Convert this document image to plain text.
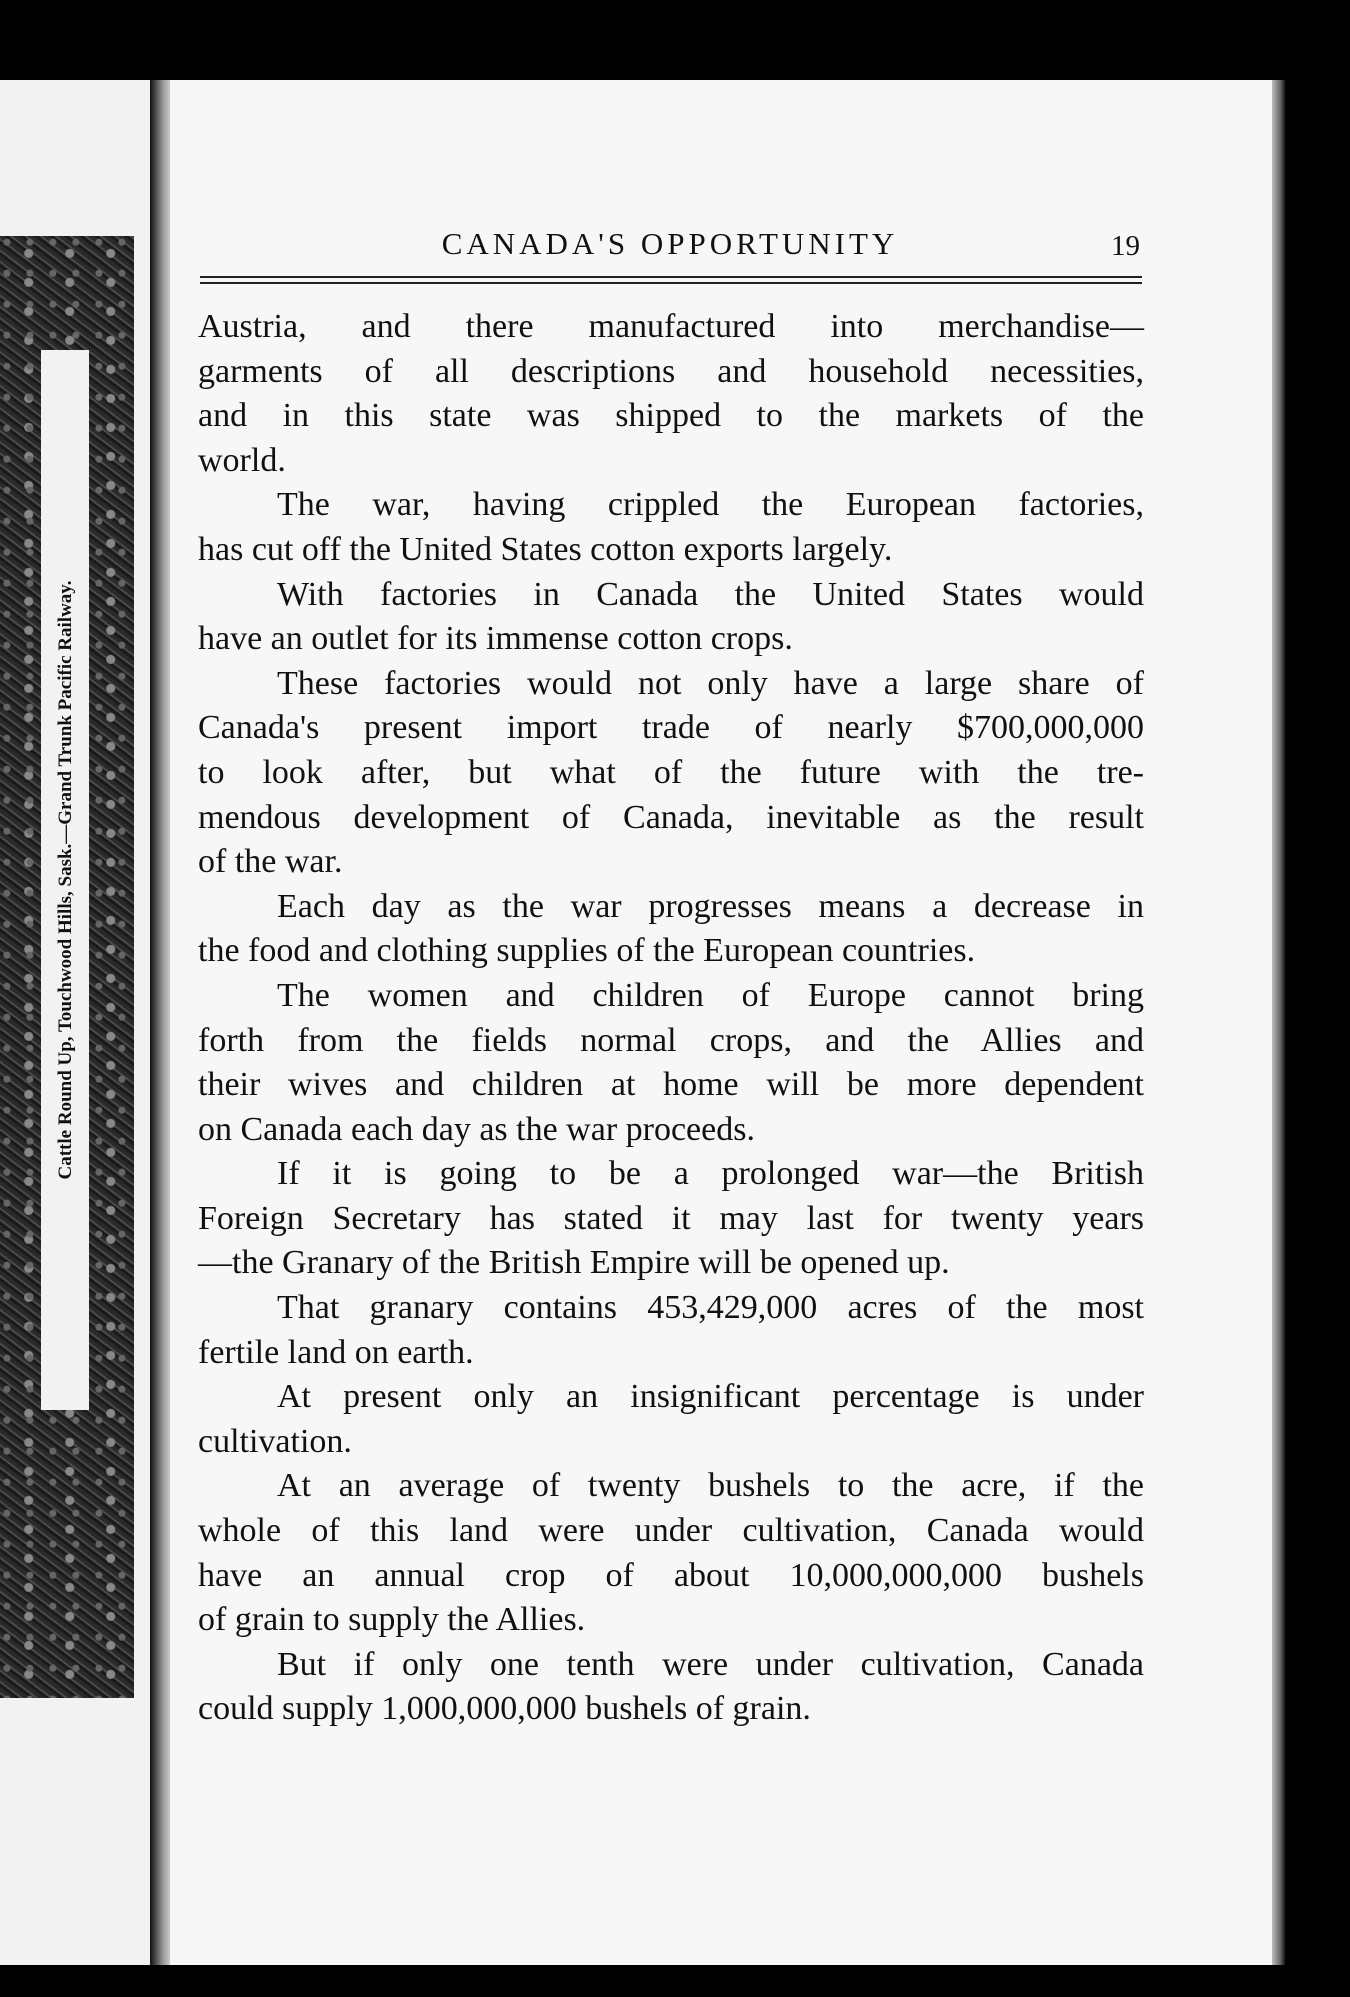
Cattle Round Up, Touchwood Hills, Sask.—Grand Trunk Pacific Railway.
CANADA'S OPPORTUNITY	19
Austria, and there manufactured into merchandise—
garments of all descriptions and household necessities,
and in this state was shipped to the markets of the
world.
The war, having crippled the European factories,
has cut off the United States cotton exports largely.
With factories in Canada the United States would
have an outlet for its immense cotton crops.
These factories would not only have a large share of
Canada's present import trade of nearly $700,000,000
to look after, but what of the future with the tre-
mendous development of Canada, inevitable as the result
of the war.
Each day as the war progresses means a decrease in
the food and clothing supplies of the European countries.
The women and children of Europe cannot bring
forth from the fields normal crops, and the Allies and
their wives and children at home will be more dependent
on Canada each day as the war proceeds.
If it is going to be a prolonged war—the British
Foreign Secretary has stated it may last for twenty years
—the Granary of the British Empire will be opened up.
That granary contains 453,429,000 acres of the most
fertile land on earth.
At present only an insignificant percentage is under
cultivation.
At an average of twenty bushels to the acre, if the
whole of this land were under cultivation, Canada would
have an annual crop of about 10,000,000,000 bushels
of grain to supply the Allies.
But if only one tenth were under cultivation, Canada
could supply 1,000,000,000 bushels of grain.
